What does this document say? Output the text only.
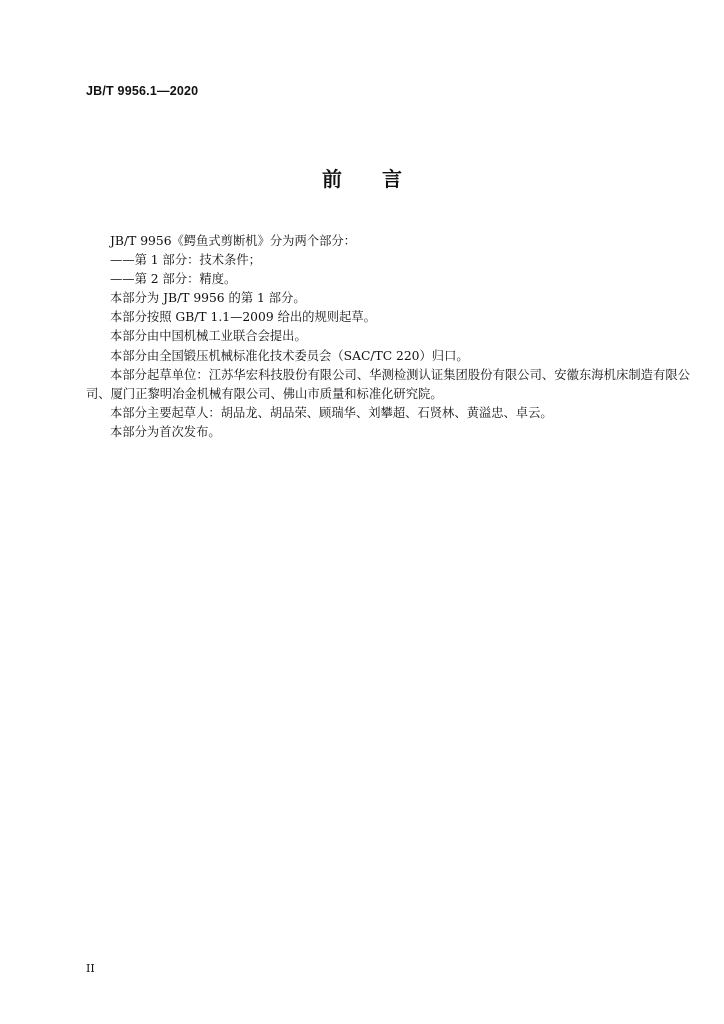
JB/T 9956.1—2020
前 言

JB/T 9956《鳄鱼式剪断机》分为两个部分：

——第 1 部分：技术条件；

——第 2 部分：精度。

本部分为 JB/T 9956 的第 1 部分。

本部分按照 GB/T 1.1—2009 给出的规则起草。

本部分由中国机械工业联合会提出。

本部分由全国锻压机械标准化技术委员会（SAC/TC 220）归口。

本部分起草单位：江苏华宏科技股份有限公司、华测检测认证集团股份有限公司、安徽东海机床制造有限公司、厦门正黎明冶金机械有限公司、佛山市质量和标准化研究院。

本部分主要起草人：胡品龙、胡品荣、顾瑞华、刘攀超、石贤林、黄溢忠、卓云。

本部分为首次发布。

II
